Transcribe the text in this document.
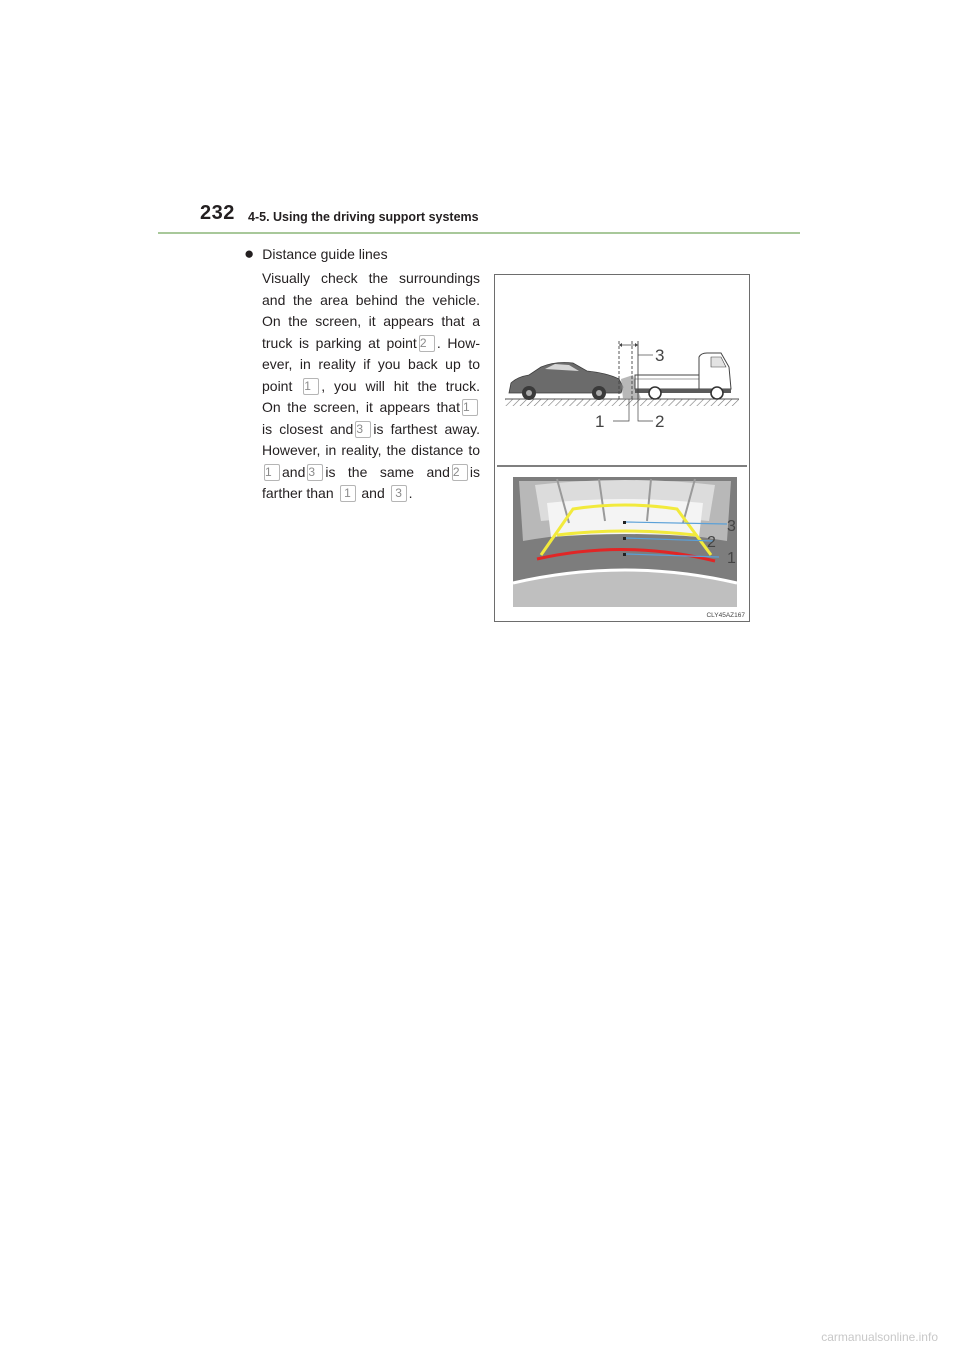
232 4-5. Using the driving support systems
● Distance guide lines
Visually check the surroundings
and the area behind the vehicle.
On the screen, it appears that a
truck is parking at point 2 . How-
ever, in reality if you back up to
point 1 , you will hit the truck.
On the screen, it appears that 1
is closest and 3 is farthest away.
However, in reality, the distance to
1 and 3 is the same and 2 is
farther than 1 and 3 .
3
1	2
3
2
1
CLY45AZ167
carmanualsonline.info
